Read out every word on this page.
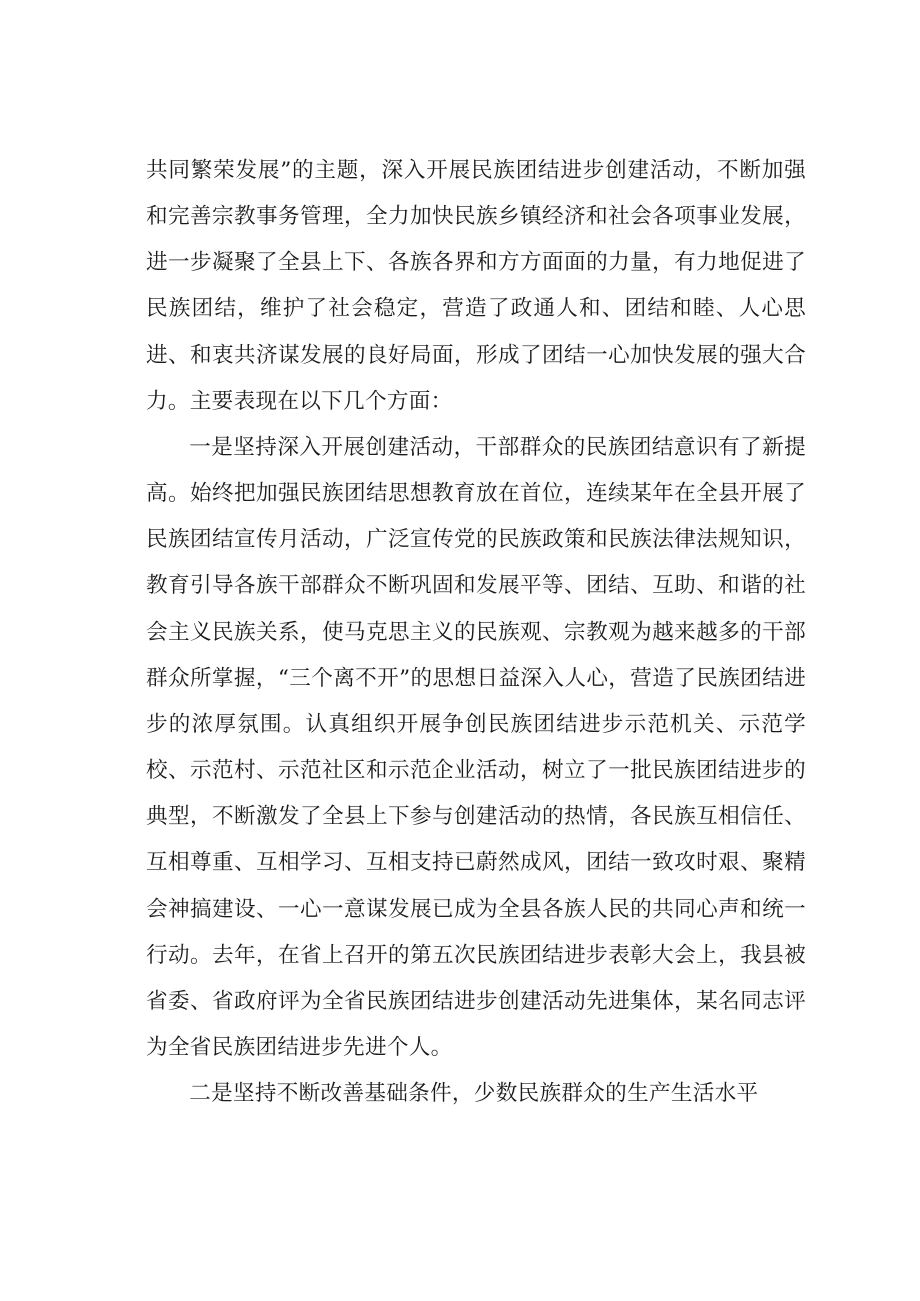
共同繁荣发展”的主题，深入开展民族团结进步创建活动，不断加强和完善宗教事务管理，全力加快民族乡镇经济和社会各项事业发展，进一步凝聚了全县上下、各族各界和方方面面的力量，有力地促进了民族团结，维护了社会稳定，营造了政通人和、团结和睦、人心思进、和衷共济谋发展的良好局面，形成了团结一心加快发展的强大合力。主要表现在以下几个方面：

一是坚持深入开展创建活动，干部群众的民族团结意识有了新提高。始终把加强民族团结思想教育放在首位，连续某年在全县开展了民族团结宣传月活动，广泛宣传党的民族政策和民族法律法规知识，教育引导各族干部群众不断巩固和发展平等、团结、互助、和谐的社会主义民族关系，使马克思主义的民族观、宗教观为越来越多的干部群众所掌握，“三个离不开”的思想日益深入人心，营造了民族团结进步的浓厚氛围。认真组织开展争创民族团结进步示范机关、示范学校、示范村、示范社区和示范企业活动，树立了一批民族团结进步的典型，不断激发了全县上下参与创建活动的热情，各民族互相信任、互相尊重、互相学习、互相支持已蔚然成风，团结一致攻时艰、聚精会神搞建设、一心一意谋发展已成为全县各族人民的共同心声和统一行动。去年，在省上召开的第五次民族团结进步表彰大会上，我县被省委、省政府评为全省民族团结进步创建活动先进集体，某名同志评为全省民族团结进步先进个人。

二是坚持不断改善基础条件，少数民族群众的生产生活水平
